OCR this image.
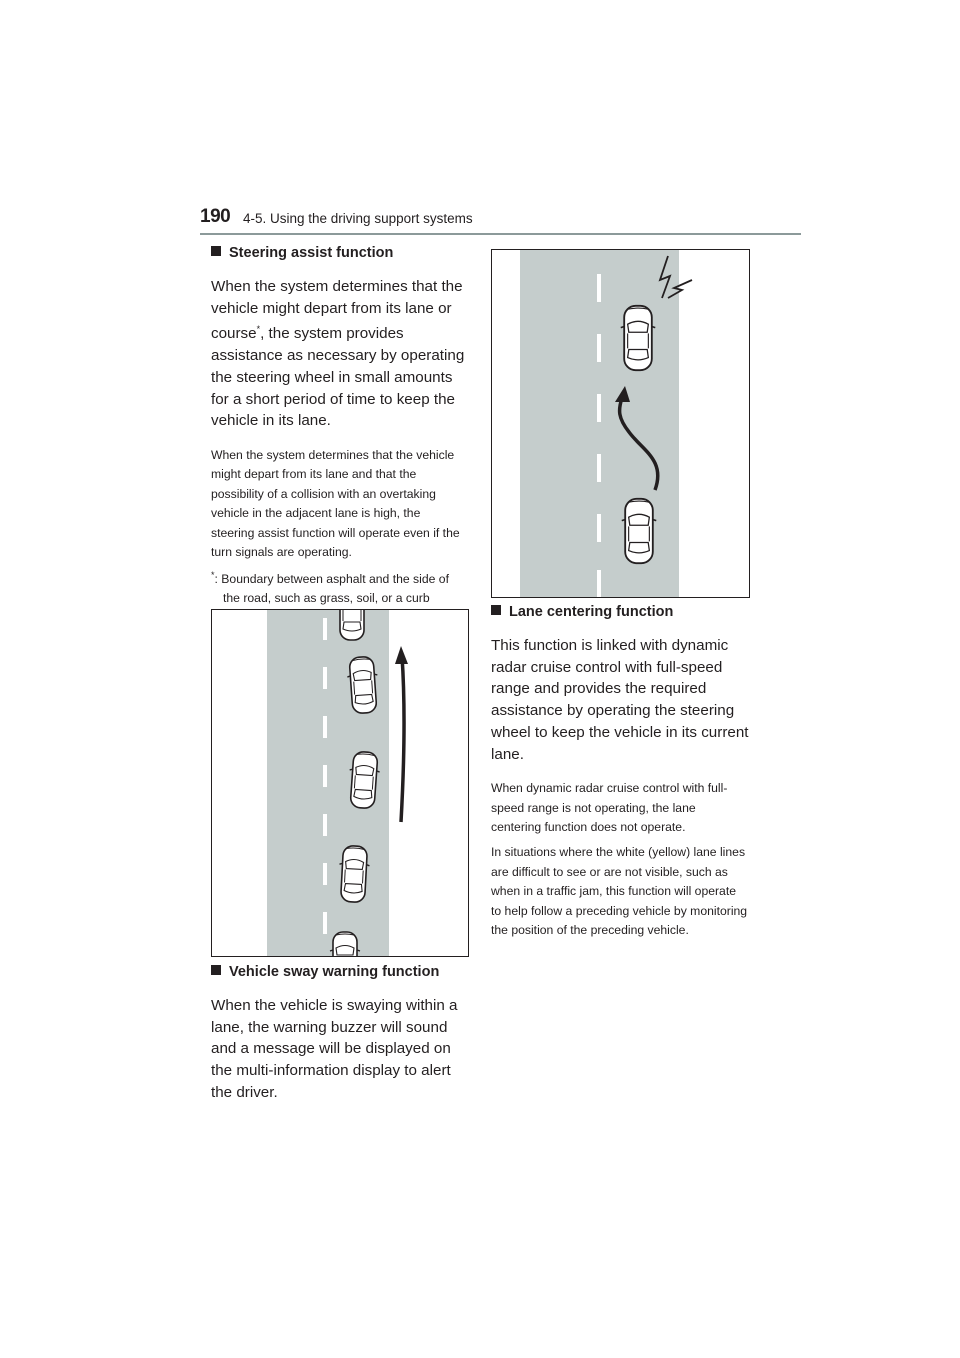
190 4-5. Using the driving support systems
Steering assist function

When the system determines that the vehicle might depart from its lane or course*, the system provides assistance as necessary by operating the steering wheel in small amounts for a short period of time to keep the vehicle in its lane.

When the system determines that the vehicle might depart from its lane and that the possibility of a collision with an overtaking vehicle in the adjacent lane is high, the steering assist function will operate even if the turn signals are operating.

*: Boundary between asphalt and the side of the road, such as grass, soil, or a curb

Vehicle sway warning function

When the vehicle is swaying within a lane, the warning buzzer will sound and a message will be displayed on the multi-information display to alert the driver.

Lane centering function

This function is linked with dynamic radar cruise control with full-speed range and provides the required assistance by operating the steering wheel to keep the vehicle in its current lane.

When dynamic radar cruise control with full-speed range is not operating, the lane centering function does not operate.

In situations where the white (yellow) lane lines are difficult to see or are not visible, such as when in a traffic jam, this function will operate to help follow a preceding vehicle by monitoring the position of the preceding vehicle.
